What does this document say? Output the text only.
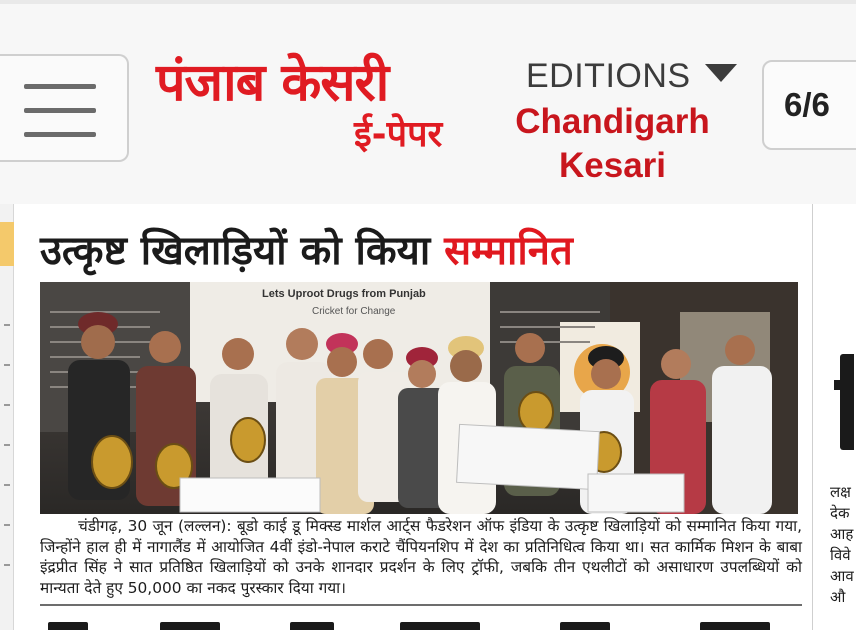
पंजाब केसरी
ई-पेपर
EDITIONS
Chandigarh Kesari
6/6
उत्कृष्ट खिलाड़ियों को किया सम्मानित
Lets Uproot Drugs from Punjab
Cricket for Change
चंडीगढ़, 30 जून (लल्लन): बूडो काई डू मिक्स्ड मार्शल आर्ट्स फैडरेशन ऑफ इंडिया के उत्कृष्ट खिलाड़ियों को सम्मानित किया गया, जिन्होंने हाल ही में नागालैंड में आयोजित 4वीं इंडो-नेपाल कराटे चैंपियनशिप में देश का प्रतिनिधित्व किया था। सत कार्मिक मिशन के बाबा इंद्रप्रीत सिंह ने सात प्रतिष्ठित खिलाड़ियों को उनके शानदार प्रदर्शन के लिए ट्रॉफी, जबकि तीन एथलीटों को असाधारण उपलब्धियों को मान्यता देते हुए 50,000 का नकद पुरस्कार दिया गया।
लक्ष
देक
आह
विवे
आव
औ
